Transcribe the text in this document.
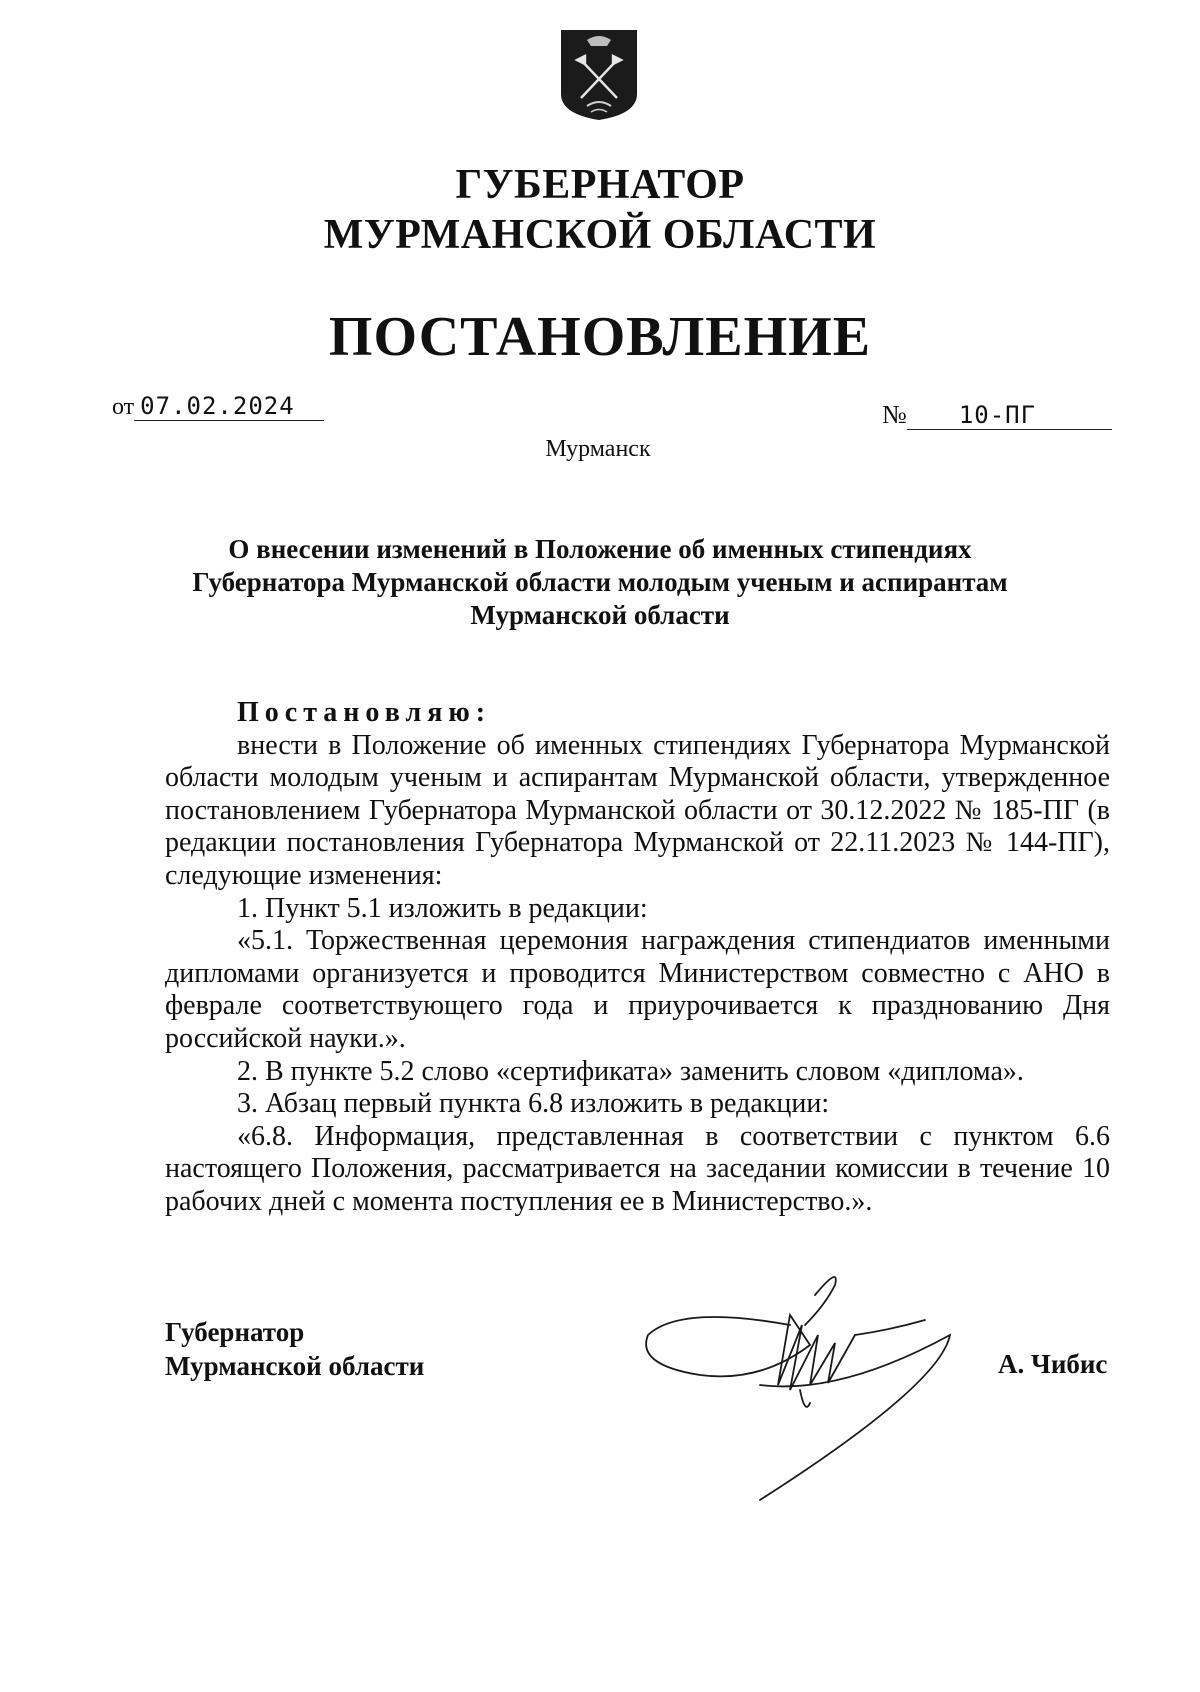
ГУБЕРНАТОР
МУРМАНСКОЙ ОБЛАСТИ
ПОСТАНОВЛЕНИЕ
от 07.02.2024	№ 10-ПГ
Мурманск
О внесении изменений в Положение об именных стипендиях
Губернатора Мурманской области молодым ученым и аспирантам
Мурманской области
Постановляю:

внести в Положение об именных стипендиях Губернатора Мурманской области молодым ученым и аспирантам Мурманской области, утвержденное постановлением Губернатора Мурманской области от 30.12.2022 № 185-ПГ (в редакции постановления Губернатора Мурманской от 22.11.2023 № 144-ПГ), следующие изменения:

1. Пункт 5.1 изложить в редакции:

«5.1. Торжественная церемония награждения стипендиатов именными дипломами организуется и проводится Министерством совместно с АНО в феврале соответствующего года и приурочивается к празднованию Дня российской науки.».

2. В пункте 5.2 слово «сертификата» заменить словом «диплома».

3. Абзац первый пункта 6.8 изложить в редакции:

«6.8. Информация, представленная в соответствии с пунктом 6.6 настоящего Положения, рассматривается на заседании комиссии в течение 10 рабочих дней с момента поступления ее в Министерство.».

Губернатор
Мурманской области	А. Чибис
